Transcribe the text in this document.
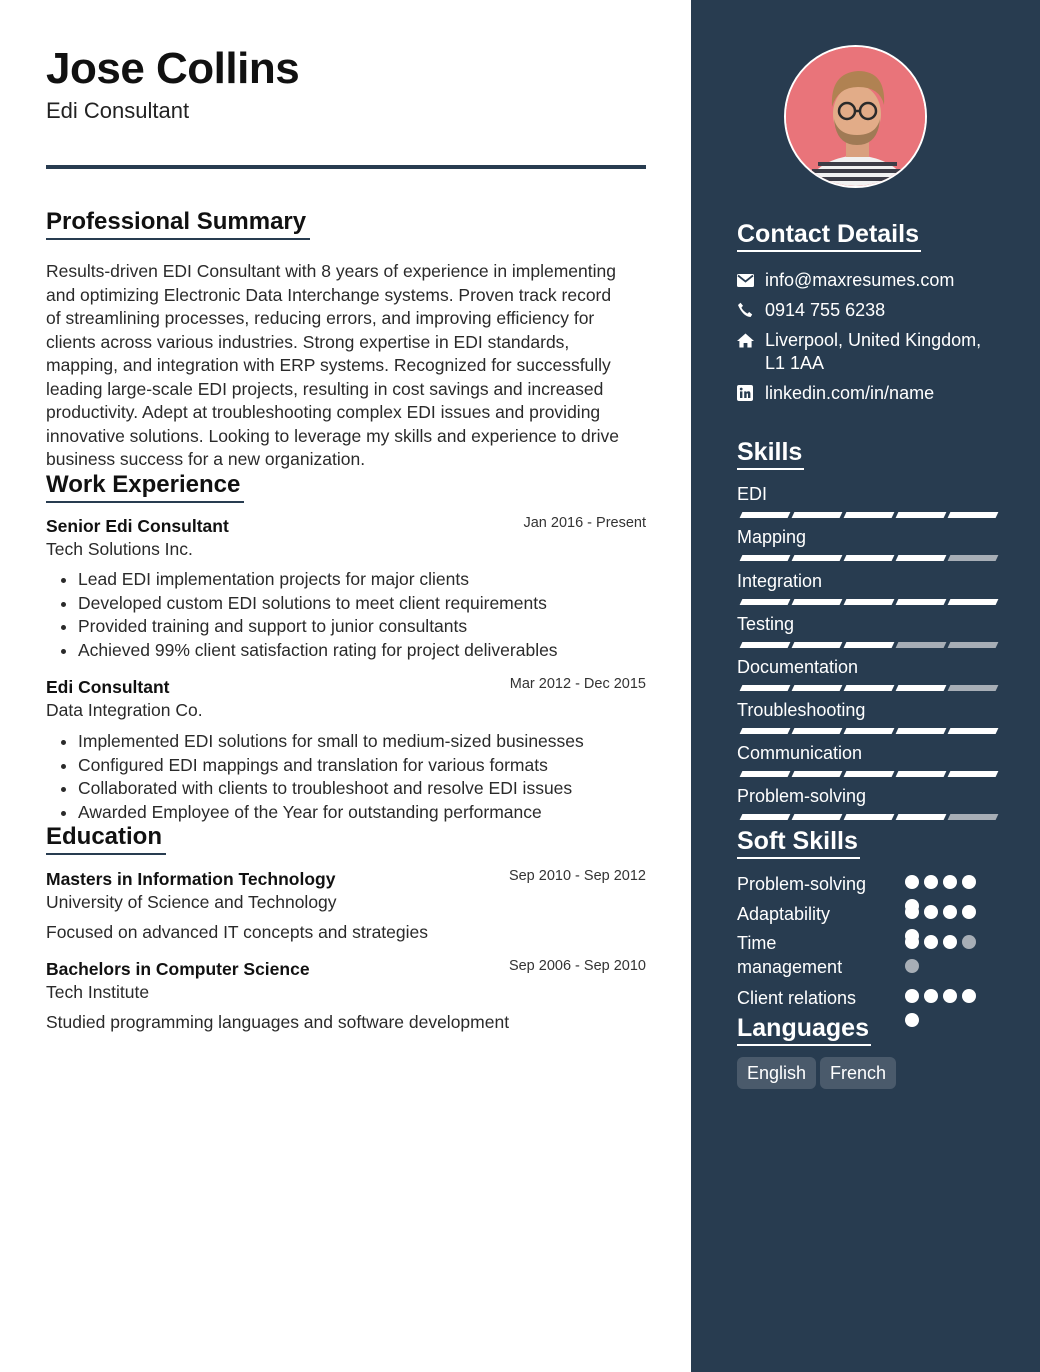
Jose Collins
Edi Consultant
Professional Summary
Results-driven EDI Consultant with 8 years of experience in implementing
and optimizing Electronic Data Interchange systems. Proven track record
of streamlining processes, reducing errors, and improving efficiency for
clients across various industries. Strong expertise in EDI standards,
mapping, and integration with ERP systems. Recognized for successfully
leading large-scale EDI projects, resulting in cost savings and increased
productivity. Adept at troubleshooting complex EDI issues and providing
innovative solutions. Looking to leverage my skills and experience to drive
business success for a new organization.
Work Experience
Senior Edi Consultant	Jan 2016 - Present
Tech Solutions Inc.
• Lead EDI implementation projects for major clients
• Developed custom EDI solutions to meet client requirements
• Provided training and support to junior consultants
• Achieved 99% client satisfaction rating for project deliverables
Edi Consultant	Mar 2012 - Dec 2015
Data Integration Co.
• Implemented EDI solutions for small to medium-sized businesses
• Configured EDI mappings and translation for various formats
• Collaborated with clients to troubleshoot and resolve EDI issues
• Awarded Employee of the Year for outstanding performance
Education
Masters in Information Technology	Sep 2010 - Sep 2012
University of Science and Technology
Focused on advanced IT concepts and strategies
Bachelors in Computer Science	Sep 2006 - Sep 2010
Tech Institute
Studied programming languages and software development
Contact Details
info@maxresumes.com
0914 755 6238
Liverpool, United Kingdom,
L1 1AA
linkedin.com/in/name
Skills
EDI
Mapping
Integration
Testing
Documentation
Troubleshooting
Communication
Problem-solving
Soft Skills
Problem-solving
Adaptability
Time management
Client relations
Languages
English	French
